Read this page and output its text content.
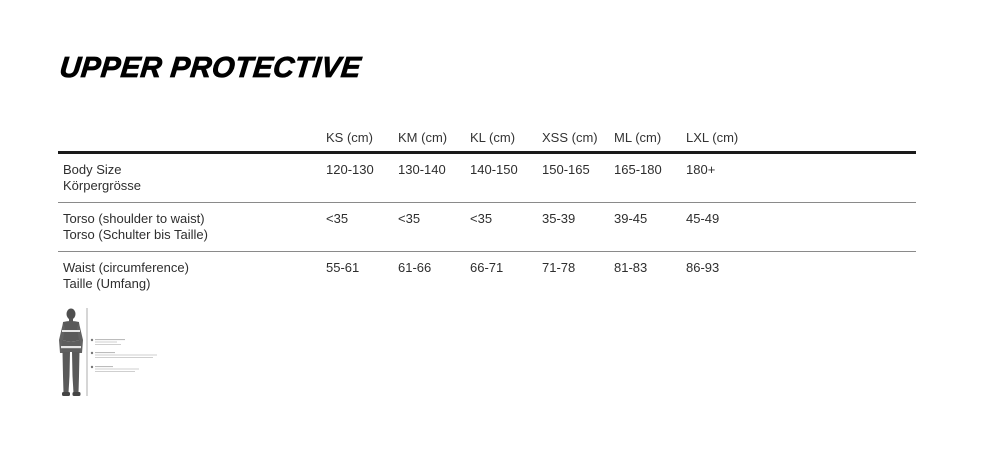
UPPER PROTECTIVE
KS (cm)	KM (cm)	KL (cm)	XSS (cm)	ML (cm)	LXL (cm)
Body Size
Körpergrösse
120-130	130-140	140-150	150-165	165-180	180+
Torso (shoulder to waist)
Torso (Schulter bis Taille)
<35	<35	<35	35-39	39-45	45-49
Waist (circumference)
Taille (Umfang)
55-61	61-66	66-71	71-78	81-83	86-93
